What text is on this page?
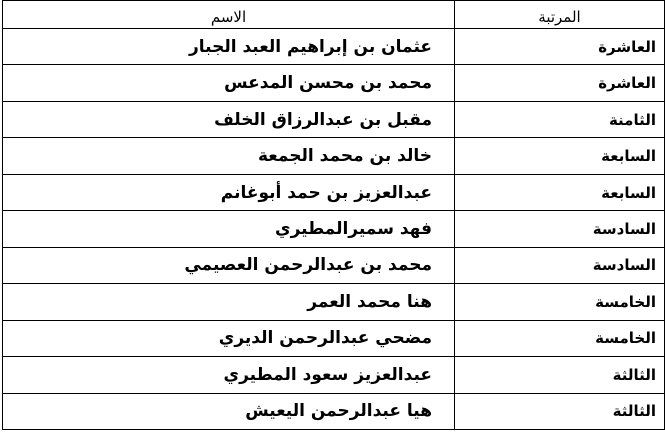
الاسم	المرتبة
عثمان بن إبراهيم العبد الجبار	العاشرة
محمد بن محسن المدعس	العاشرة
مقبل بن عبدالرزاق الخلف	الثامنة
خالد بن محمد الجمعة	السابعة
عبدالعزيز بن حمد أبوغانم	السابعة
فهد سميرالمطيري	السادسة
محمد بن عبدالرحمن العصيمي	السادسة
هنا محمد العمر	الخامسة
مضحي عبدالرحمن الديري	الخامسة
عبدالعزيز سعود المطيري	الثالثة
هيا عبدالرحمن اليعيش	الثالثة
